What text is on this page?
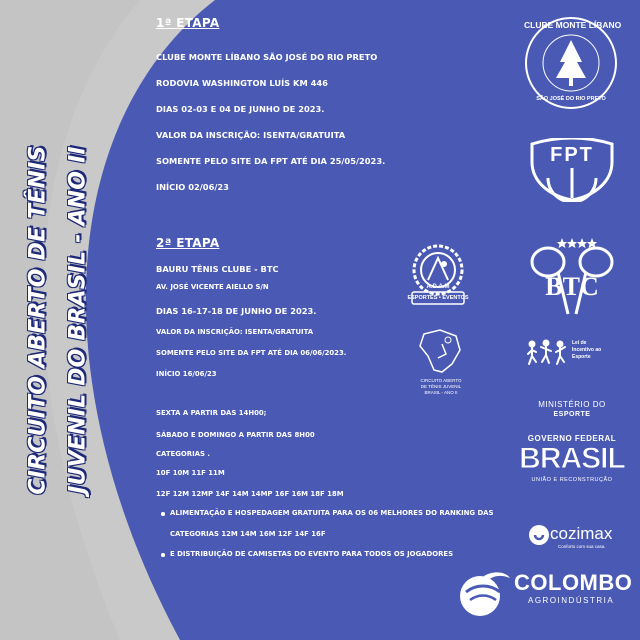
CIRCUITO ABERTO DE TÊNIS JUVENIL DO BRASIL - ANO II
1ª ETAPA
CLUBE MONTE LÍBANO SÃO JOSÉ DO RIO PRETO
RODOVIA WASHINGTON LUÍS KM 446
DIAS 02-03 E 04 DE JUNHO DE 2023.
VALOR DA INSCRIÇÃO: ISENTA/GRATUITA
SOMENTE PELO SITE DA FPT ATÉ DIA 25/05/2023.
INÍCIO 02/06/23
2ª ETAPA
BAURU TÊNIS CLUBE - BTC
AV. JOSÉ VICENTE AIELLO S/N
DIAS 16-17-18 DE JUNHO DE 2023.
VALOR DA INSCRIÇÃO: ISENTA/GRATUITA
SOMENTE PELO SITE DA FPT ATÉ DIA 06/06/2023.
INÍCIO 16/06/23
SEXTA A PARTIR DAS 14H00;
SÁBADO E DOMINGO A PARTIR DAS 8H00
CATEGORIAS .
10F 10M 11F 11M
12F 12M 12MP 14F 14M 14MP 16F 16M 18F 18M
ALIMENTAÇÃO E HOSPEDAGEM GRATUITA PARA OS 06 MELHORES DO RANKING DAS
CATEGORIAS 12M 14M 16M 12F 14F 16F
E DISTRIBUIÇÃO DE CAMISETAS DO EVENTO PARA TODOS OS JOGADORES
CLUBE MONTE LÍBANO
SÃO JOSÉ DO RIO PRETO
FPT
A.D.A.M
ESPORTES • EVENTOS	BTC
CIRCUITO ABERTO
DE TÊNIS JUVENIL
BRASIL - ANO II
Lei de
Incentivo ao
Esporte
MINISTÉRIO DO
ESPORTE
GOVERNO FEDERAL
BRASIL
UNIÃO E RECONSTRUÇÃO
cozimax
Conforto com sua casa.
COLOMBO
AGROINDÚSTRIA
